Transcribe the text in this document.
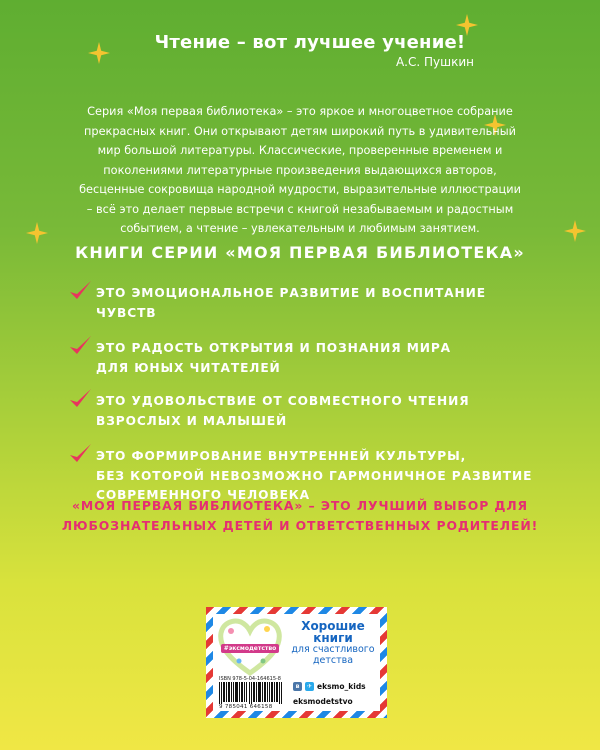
Чтение – вот лучшее учение!
А.С. Пушкин
Серия «Моя первая библиотека» – это яркое и многоцветное собрание прекрасных книг. Они открывают детям широкий путь в удивительный мир большой литературы. Классические, проверенные временем и поколениями литературные произведения выдающихся авторов, бесценные сокровища народной мудрости, выразительные иллюстрации – всё это делает первые встречи с книгой незабываемым и радостным событием, а чтение – увлекательным и любимым занятием.
КНИГИ СЕРИИ «МОЯ ПЕРВАЯ БИБЛИОТЕКА»
ЭТО ЭМОЦИОНАЛЬНОЕ РАЗВИТИЕ И ВОСПИТАНИЕ ЧУВСТВ
ЭТО РАДОСТЬ ОТКРЫТИЯ И ПОЗНАНИЯ МИРА
ДЛЯ ЮНЫХ ЧИТАТЕЛЕЙ
ЭТО УДОВОЛЬСТВИЕ ОТ СОВМЕСТНОГО ЧТЕНИЯ
ВЗРОСЛЫХ И МАЛЫШЕЙ
ЭТО ФОРМИРОВАНИЕ ВНУТРЕННЕЙ КУЛЬТУРЫ,
БЕЗ КОТОРОЙ НЕВОЗМОЖНО ГАРМОНИЧНОЕ РАЗВИТИЕ
СОВРЕМЕННОГО ЧЕЛОВЕКА
«МОЯ ПЕРВАЯ БИБЛИОТЕКА» – ЭТО ЛУЧШИЙ ВЫБОР ДЛЯ ЛЮБОЗНАТЕЛЬНЫХ ДЕТЕЙ И ОТВЕТСТВЕННЫХ РОДИТЕЛЕЙ!
#эксмодетство
Хорошие
книги
для счастливого детства
ISBN 978-5-04-164615-8
9 785041 646158
в	✈ eksmo_kids
eksmodetstvo
